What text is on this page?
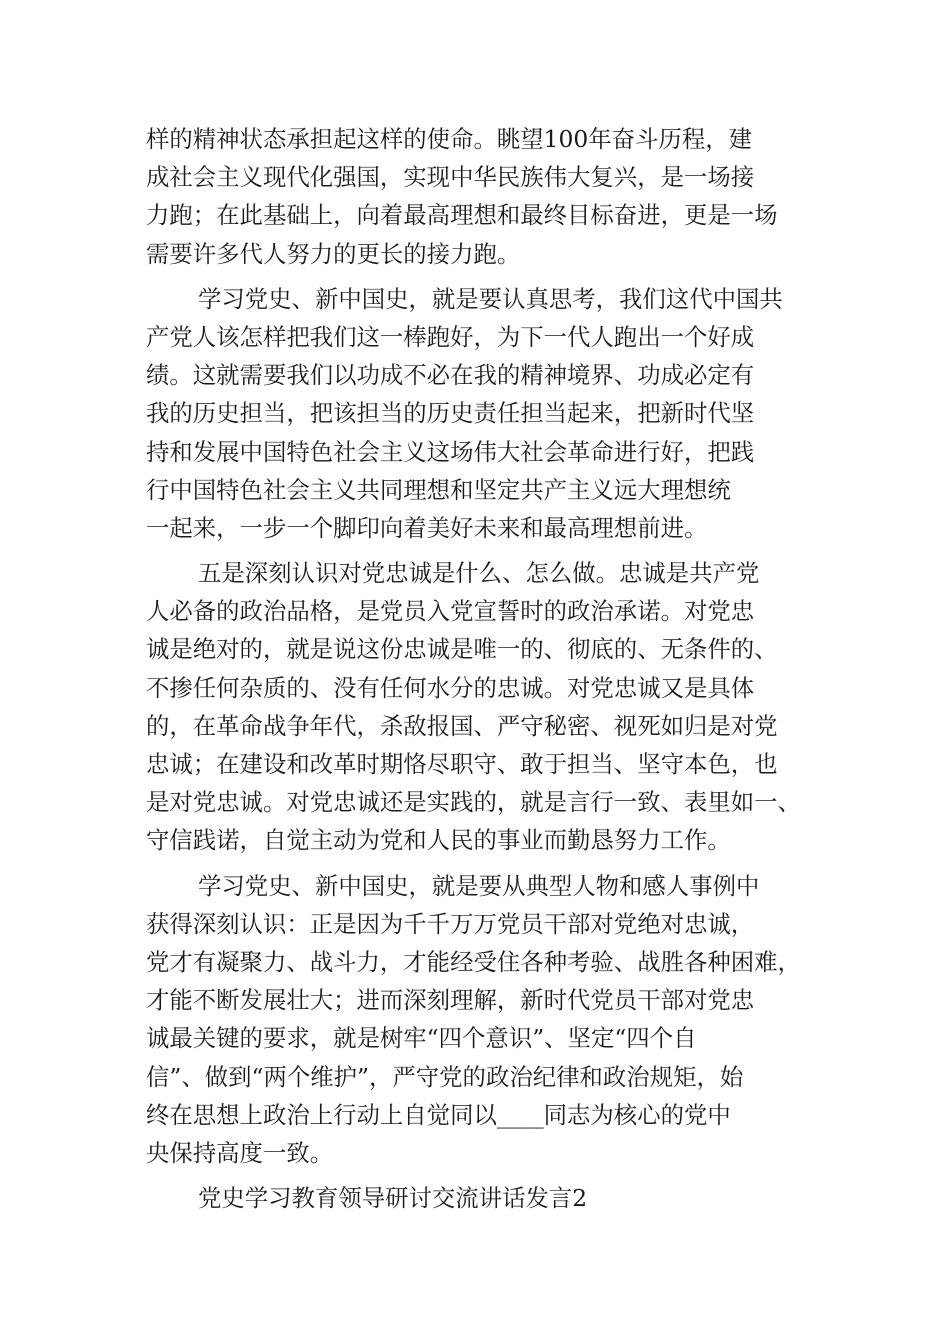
样的精神状态承担起这样的使命。眺望100年奋斗历程，建
成社会主义现代化强国，实现中华民族伟大复兴，是一场接
力跑；在此基础上，向着最高理想和最终目标奋进，更是一场
需要许多代人努力的更长的接力跑。
学习党史、新中国史，就是要认真思考，我们这代中国共
产党人该怎样把我们这一棒跑好，为下一代人跑出一个好成
绩。这就需要我们以功成不必在我的精神境界、功成必定有
我的历史担当，把该担当的历史责任担当起来，把新时代坚
持和发展中国特色社会主义这场伟大社会革命进行好，把践
行中国特色社会主义共同理想和坚定共产主义远大理想统
一起来，一步一个脚印向着美好未来和最高理想前进。
五是深刻认识对党忠诚是什么、怎么做。忠诚是共产党
人必备的政治品格，是党员入党宣誓时的政治承诺。对党忠
诚是绝对的，就是说这份忠诚是唯一的、彻底的、无条件的、
不掺任何杂质的、没有任何水分的忠诚。对党忠诚又是具体
的，在革命战争年代，杀敌报国、严守秘密、视死如归是对党
忠诚；在建设和改革时期恪尽职守、敢于担当、坚守本色，也
是对党忠诚。对党忠诚还是实践的，就是言行一致、表里如一、
守信践诺，自觉主动为党和人民的事业而勤恳努力工作。
学习党史、新中国史，就是要从典型人物和感人事例中
获得深刻认识：正是因为千千万万党员干部对党绝对忠诚，
党才有凝聚力、战斗力，才能经受住各种考验、战胜各种困难，
才能不断发展壮大；进而深刻理解，新时代党员干部对党忠
诚最关键的要求，就是树牢“四个意识”、坚定“四个自
信”、做到“两个维护”，严守党的政治纪律和政治规矩，始
终在思想上政治上行动上自觉同以____同志为核心的党中
央保持高度一致。
党史学习教育领导研讨交流讲话发言2
